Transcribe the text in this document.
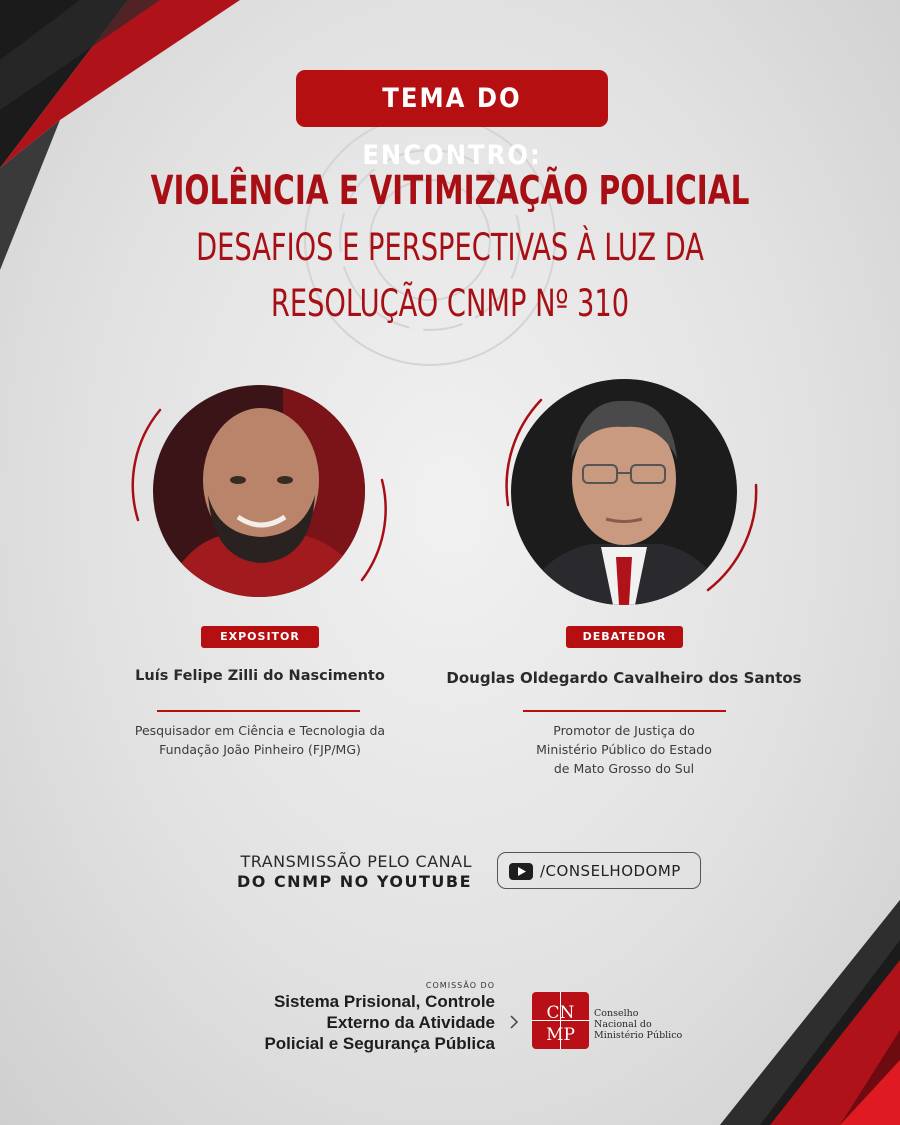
TEMA DO ENCONTRO:
VIOLÊNCIA E VITIMIZAÇÃO POLICIAL
DESAFIOS E PERSPECTIVAS À LUZ DA
RESOLUÇÃO CNMP Nº 310
EXPOSITOR	DEBATEDOR
Luís Felipe Zilli do Nascimento	Douglas Oldegardo Cavalheiro dos Santos
Pesquisador em Ciência e Tecnologia da
Fundação João Pinheiro (FJP/MG)
Promotor de Justiça do
Ministério Público do Estado
de Mato Grosso do Sul
TRANSMISSÃO PELO CANAL
DO CNMP NO YOUTUBE
/CONSELHODOMP
COMISSÃO DO
Sistema Prisional, Controle
Externo da Atividade
Policial e Segurança Pública
CN
MP
Conselho
Nacional do
Ministério Público
